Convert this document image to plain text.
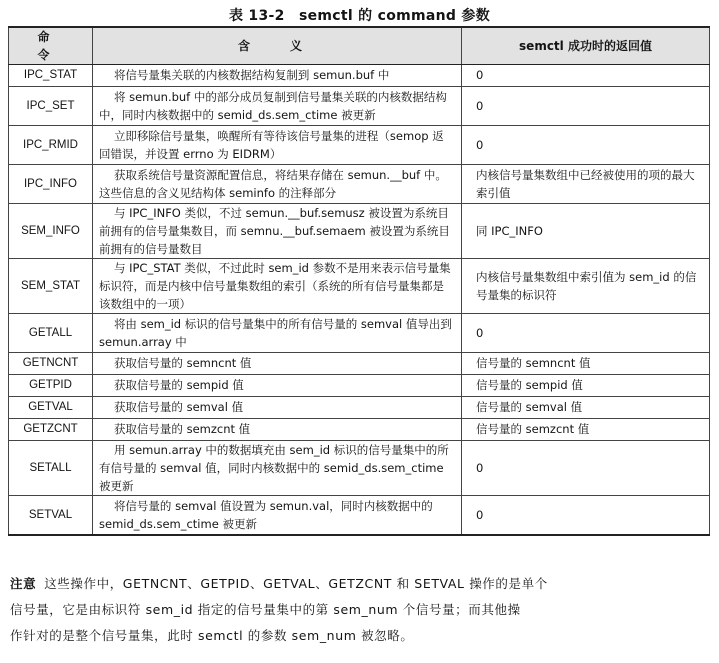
表 13-2　semctl 的 command 参数
命　令	含　义	semctl 成功时的返回值
IPC_STAT	将信号量集关联的内核数据结构复制到 semun.buf 中	0
IPC_SET	将 semun.buf 中的部分成员复制到信号量集关联的内核数据结构中，同时内核数据中的 semid_ds.sem_ctime 被更新	0
IPC_RMID	立即移除信号量集，唤醒所有等待该信号量集的进程（semop 返回错误，并设置 errno 为 EIDRM）	0
IPC_INFO	获取系统信号量资源配置信息，将结果存储在 semun.__buf 中。这些信息的含义见结构体 seminfo 的注释部分	内核信号量集数组中已经被使用的项的最大索引值
SEM_INFO	与 IPC_INFO 类似，不过 semun.__buf.semusz 被设置为系统目前拥有的信号量集数目，而 semnu.__buf.semaem 被设置为系统目前拥有的信号量数目	同 IPC_INFO
SEM_STAT	与 IPC_STAT 类似，不过此时 sem_id 参数不是用来表示信号量集标识符，而是内核中信号量集数组的索引（系统的所有信号量集都是该数组中的一项）	内核信号量集数组中索引值为 sem_id 的信号量集的标识符
GETALL	将由 sem_id 标识的信号量集中的所有信号量的 semval 值导出到 semun.array 中	0
GETNCNT	获取信号量的 semncnt 值	信号量的 semncnt 值
GETPID	获取信号量的 sempid 值	信号量的 sempid 值
GETVAL	获取信号量的 semval 值	信号量的 semval 值
GETZCNT	获取信号量的 semzcnt 值	信号量的 semzcnt 值
SETALL	用 semun.array 中的数据填充由 sem_id 标识的信号量集中的所有信号量的 semval 值，同时内核数据中的 semid_ds.sem_ctime 被更新	0
SETVAL	将信号量的 semval 值设置为 semun.val，同时内核数据中的 semid_ds.sem_ctime 被更新	0
注意 这些操作中，GETNCNT、GETPID、GETVAL、GETZCNT 和 SETVAL 操作的是单个
信号量，它是由标识符 sem_id 指定的信号量集中的第 sem_num 个信号量；而其他操
作针对的是整个信号量集，此时 semctl 的参数 sem_num 被忽略。
